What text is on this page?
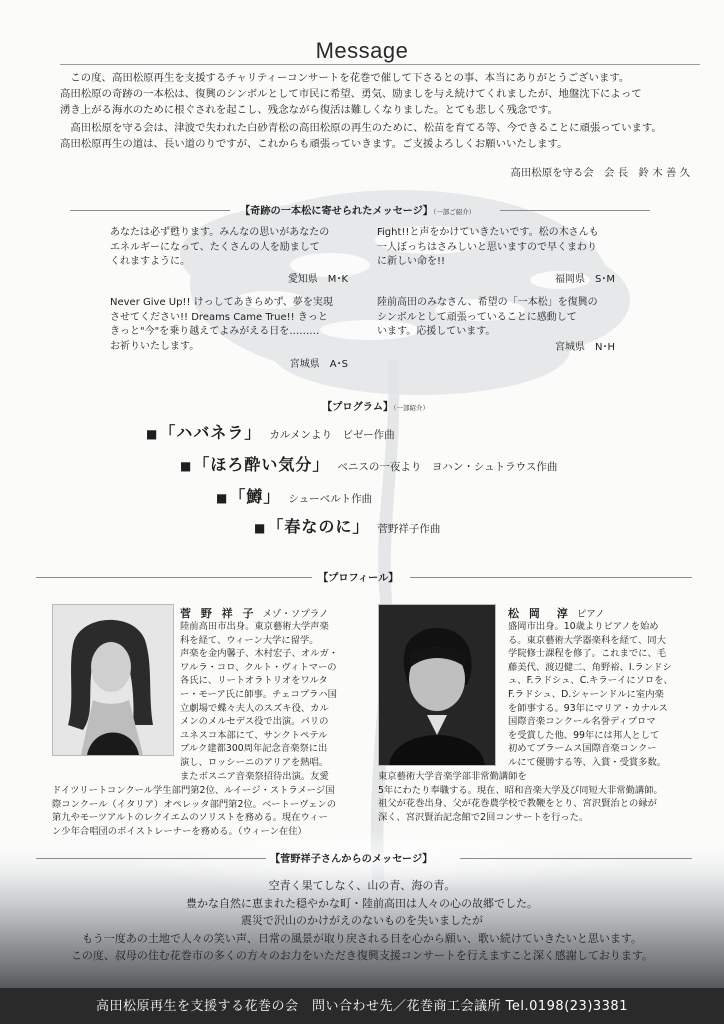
Message
　この度、高田松原再生を支援するチャリティーコンサートを花巻で催して下さるとの事、本当にありがとうございます。
高田松原の奇跡の一本松は、復興のシンボルとして市民に希望、勇気、励ましを与え続けてくれましたが、地盤沈下によって
湧き上がる海水のために根ぐされを起こし、残念ながら復活は難しくなりました。とても悲しく残念です。
　高田松原を守る会は、津波で失われた白砂青松の高田松原の再生のために、松苗を育てる等、今できることに頑張っています。
高田松原再生の道は、長い道のりですが、これからも頑張っていきます。ご支援よろしくお願いいたします。
高田松原を守る会　会 長　鈴 木 善 久
【奇跡の一本松に寄せられたメッセージ】（一部ご紹介）
あなたは必ず甦ります。みんなの思いがあなたの
エネルギーになって、たくさんの人を励まして
くれますように。
愛知県　M･K
Fight!!と声をかけていきたいです。松の木さんも
一人ぼっちはさみしいと思いますので早くまわり
に新しい命を!!
福岡県　S･M
Never Give Up!! けっしてあきらめず、夢を実現
させてください!! Dreams Came True!! きっと
きっと"今"を乗り越えてよみがえる日を………
お祈りいたします。
宮城県　A･S
陸前高田のみなさん、希望の「一本松」を復興の
シンボルとして頑張っていることに感動して
います。応援しています。
宮城県　N･H
【プログラム】（一部紹介）
■ 「ハバネラ」 カルメンより　ビゼー作曲
■ 「ほろ酔い気分」 ベニスの一夜より　ヨハン・シュトラウス作曲
■ 「鱒」 シューベルト作曲
■ 「春なのに」 菅野祥子作曲
【プロフィール】
菅 野 祥 子 メゾ・ソプラノ
陸前高田市出身。東京藝術大学声楽
科を経て、ウィーン大学に留学。
声楽を金内馨子、木村宏子、オルガ・
ワルラ・コロ、クルト・ヴィトマーの
各氏に、リートオラトリオをワルタ
ー・モーア氏に師事。チェコプラハ国
立劇場で蝶々夫人のスズキ役、カル
メンのメルセデス役で出演。パリの
ユネスコ本部にて、サンクトペテル
ブルク建都300周年記念音楽祭に出
演し、ロッシーニのアリアを熱唱。
またボスニア音楽祭招待出演。友愛
ドイツリートコンクール学生部門第2位、ルイージ・ストラメージ国
際コンクール（イタリア）オペレッタ部門第2位。ベートーヴェンの
第九やモーツアルトのレクイエムのソリストを務める。現在ウィー
ン少年合唱団のボイストレーナーを務める。（ウィーン在住）
松 岡　淳 ピアノ
盛岡市出身。10歳よりピアノを始め
る。東京藝術大学器楽科を経て、同大
学院修士課程を修了。これまでに、毛
藤美代、渡辺健二、角野裕、I.ランドシ
ュ、F.ラドシュ、C.キラーイにソロを、
F.ラドシュ、D.シャーンドルに室内楽
を師事する。93年にマリア・カナルス
国際音楽コンクール名誉ディプロマ
を受賞した他、99年には邦人として
初めてブラームス国際音楽コンクー
ルにて優勝する等、入賞・受賞多数。
東京藝術大学音楽学部非常勤講師を
5年にわたり奉職する。現在、昭和音楽大学及び同短大非常勤講師。
祖父が花巻出身、父が花巻農学校で教鞭をとり、宮沢賢治との縁が
深く、宮沢賢治記念館で2回コンサートを行った。
【菅野祥子さんからのメッセージ】
空青く果てしなく、山の青、海の青。
豊かな自然に恵まれた穏やかな町・陸前高田は人々の心の故郷でした。
震災で沢山のかけがえのないものを失いましたが
もう一度あの土地で人々の笑い声、日常の風景が取り戻される日を心から願い、歌い続けていきたいと思います。
この度、叔母の住む花巻市の多くの方々のお力をいただき復興支援コンサートを行えますこと深く感謝しております。
高田松原再生を支援する花巻の会　問い合わせ先／花巻商工会議所 Tel.0198(23)3381
